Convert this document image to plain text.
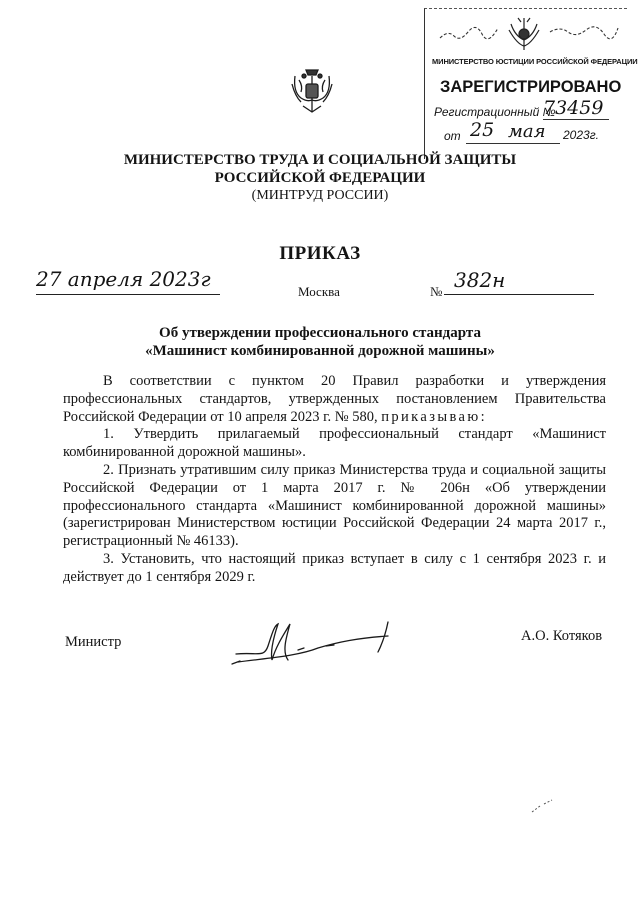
МИНИСТЕРСТВО ЮСТИЦИИ РОССИЙСКОЙ ФЕДЕРАЦИИ
ЗАРЕГИСТРИРОВАНО
Регистрационный №
73459
от 25 мая 2023г.
МИНИСТЕРСТВО ТРУДА И СОЦИАЛЬНОЙ ЗАЩИТЫ
РОССИЙСКОЙ ФЕДЕРАЦИИ
(МИНТРУД РОССИИ)
ПРИКАЗ
27 апреля 2023г
Москва	№ 382н
Об утверждении профессионального стандарта
«Машинист комбинированной дорожной машины»

В соответствии с пунктом 20 Правил разработки и утверждения профессиональных стандартов, утвержденных постановлением Правительства Российской Федерации от 10 апреля 2023 г. № 580, приказываю:

1. Утвердить прилагаемый профессиональный стандарт «Машинист комбинированной дорожной машины».

2. Признать утратившим силу приказ Министерства труда и социальной защиты Российской Федерации от 1 марта 2017 г. № 206н «Об утверждении профессионального стандарта «Машинист комбинированной дорожной машины» (зарегистрирован Министерством юстиции Российской Федерации 24 марта 2017 г., регистрационный № 46133).

3. Установить, что настоящий приказ вступает в силу с 1 сентября 2023 г. и действует до 1 сентября 2029 г.

Министр	А.О. Котяков
